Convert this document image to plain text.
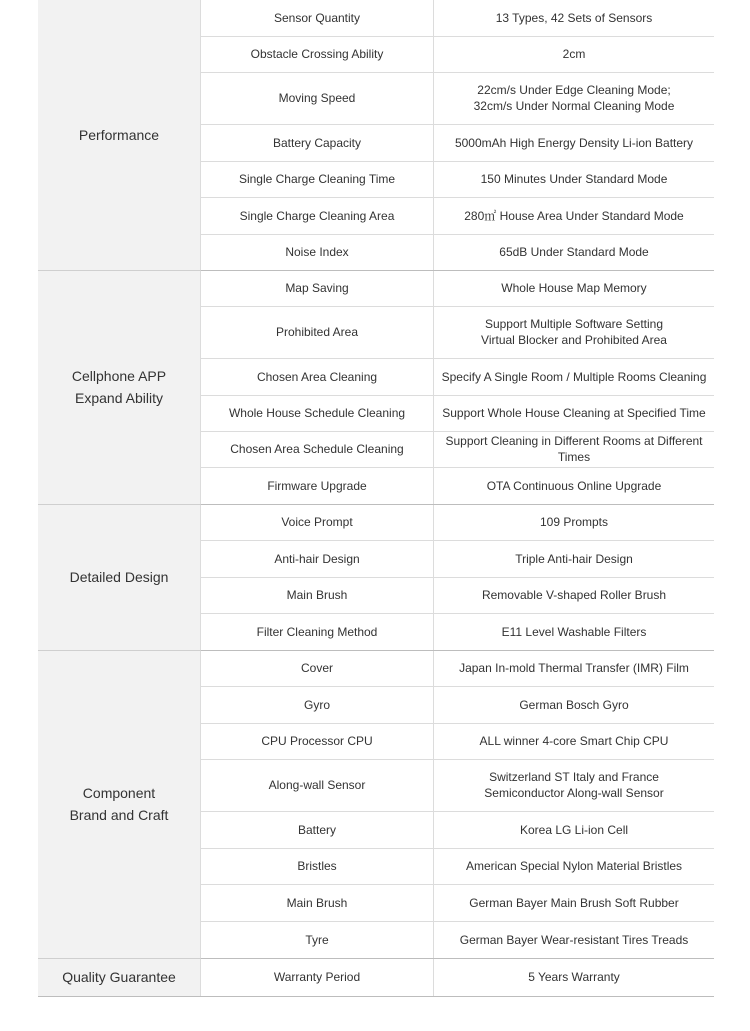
Performance	Sensor Quantity	13 Types, 42 Sets of Sensors
	Obstacle Crossing Ability	2cm
	Moving Speed	22cm/s Under Edge Cleaning Mode;
32cm/s Under Normal Cleaning Mode
	Battery Capacity	5000mAh High Energy Density Li-ion Battery
	Single Charge Cleaning Time	150 Minutes Under Standard Mode
	Single Charge Cleaning Area	280㎡ House Area Under Standard Mode
	Noise Index	65dB Under Standard Mode
Cellphone APP
Expand Ability	Map Saving	Whole House Map Memory
	Prohibited Area	Support Multiple Software Setting
Virtual Blocker and Prohibited Area
	Chosen Area Cleaning	Specify A Single Room / Multiple Rooms Cleaning
	Whole House Schedule Cleaning	Support Whole House Cleaning at Specified Time
	Chosen Area Schedule Cleaning	Support Cleaning in Different Rooms at Different Times
	Firmware Upgrade	OTA Continuous Online Upgrade
Detailed Design	Voice Prompt	109 Prompts
	Anti-hair Design	Triple Anti-hair Design
	Main Brush	Removable V-shaped Roller Brush
	Filter Cleaning Method	E11 Level Washable Filters
Component
Brand and Craft	Cover	Japan In-mold Thermal Transfer (IMR) Film
	Gyro	German Bosch Gyro
	CPU Processor CPU	ALL winner 4-core Smart Chip CPU
	Along-wall Sensor	Switzerland ST Italy and France
Semiconductor Along-wall Sensor
	Battery	Korea LG Li-ion Cell
	Bristles	American Special Nylon Material Bristles
	Main Brush	German Bayer Main Brush Soft Rubber
	Tyre	German Bayer Wear-resistant Tires Treads
Quality Guarantee	Warranty Period	5 Years Warranty
